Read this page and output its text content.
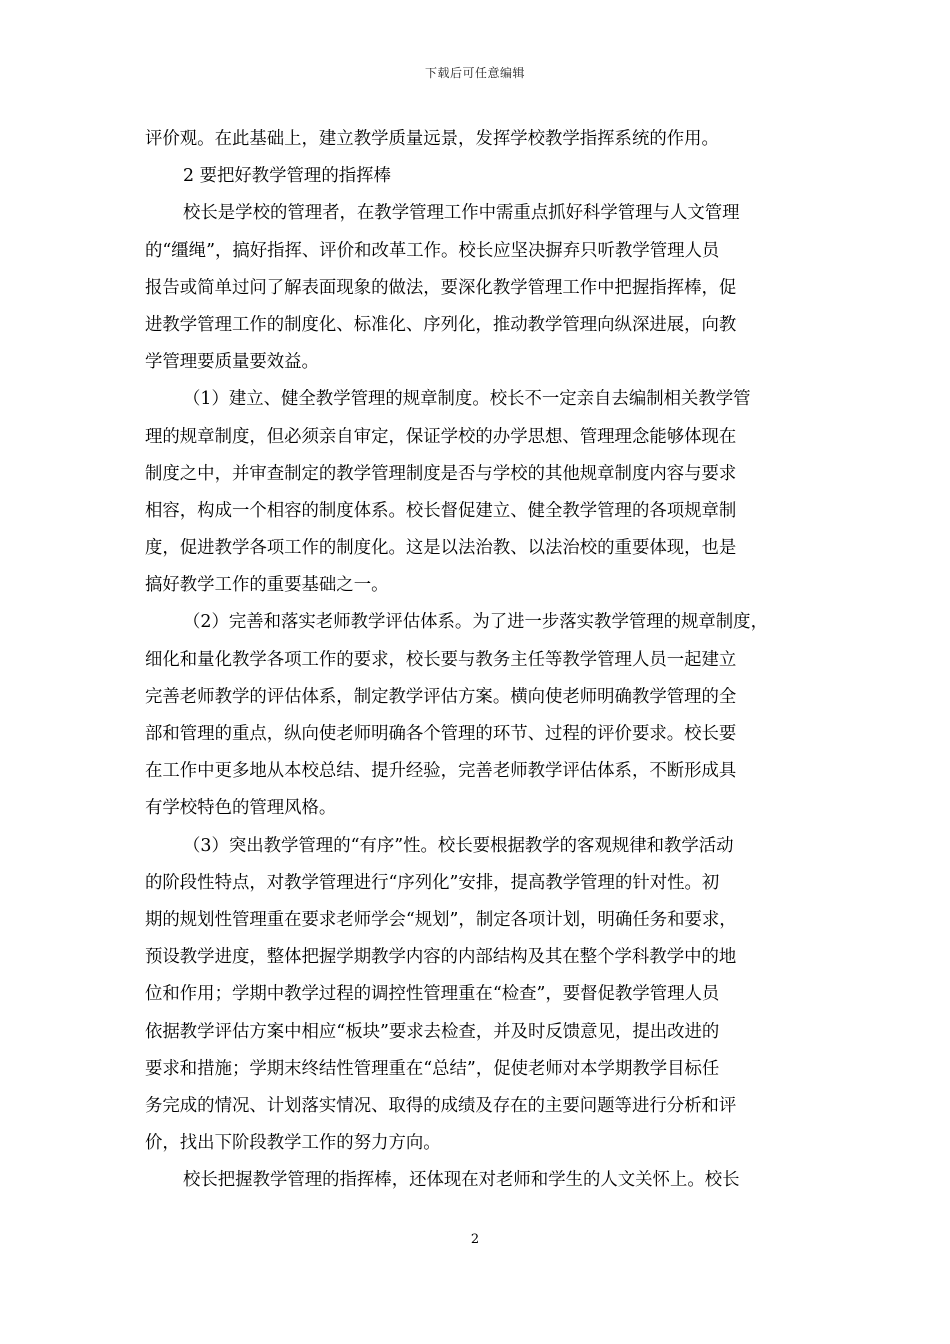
下载后可任意编辑
评价观。在此基础上，建立教学质量远景，发挥学校教学指挥系统的作用。
2 要把好教学管理的指挥棒
校长是学校的管理者，在教学管理工作中需重点抓好科学管理与人文管理
的“缰绳”，搞好指挥、评价和改革工作。校长应坚决摒弃只听教学管理人员
报告或简单过问了解表面现象的做法，要深化教学管理工作中把握指挥棒，促
进教学管理工作的制度化、标准化、序列化，推动教学管理向纵深进展，向教
学管理要质量要效益。
（1）建立、健全教学管理的规章制度。校长不一定亲自去编制相关教学管
理的规章制度，但必须亲自审定，保证学校的办学思想、管理理念能够体现在
制度之中，并审查制定的教学管理制度是否与学校的其他规章制度内容与要求
相容，构成一个相容的制度体系。校长督促建立、健全教学管理的各项规章制
度，促进教学各项工作的制度化。这是以法治教、以法治校的重要体现，也是
搞好教学工作的重要基础之一。
（2）完善和落实老师教学评估体系。为了进一步落实教学管理的规章制度，
细化和量化教学各项工作的要求，校长要与教务主任等教学管理人员一起建立
完善老师教学的评估体系，制定教学评估方案。横向使老师明确教学管理的全
部和管理的重点，纵向使老师明确各个管理的环节、过程的评价要求。校长要
在工作中更多地从本校总结、提升经验，完善老师教学评估体系，不断形成具
有学校特色的管理风格。
（3）突出教学管理的“有序”性。校长要根据教学的客观规律和教学活动
的阶段性特点，对教学管理进行“序列化”安排，提高教学管理的针对性。初
期的规划性管理重在要求老师学会“规划”，制定各项计划，明确任务和要求，
预设教学进度，整体把握学期教学内容的内部结构及其在整个学科教学中的地
位和作用；学期中教学过程的调控性管理重在“检查”，要督促教学管理人员
依据教学评估方案中相应“板块”要求去检查，并及时反馈意见，提出改进的
要求和措施；学期末终结性管理重在“总结”，促使老师对本学期教学目标任
务完成的情况、计划落实情况、取得的成绩及存在的主要问题等进行分析和评
价，找出下阶段教学工作的努力方向。
校长把握教学管理的指挥棒，还体现在对老师和学生的人文关怀上。校长
2
